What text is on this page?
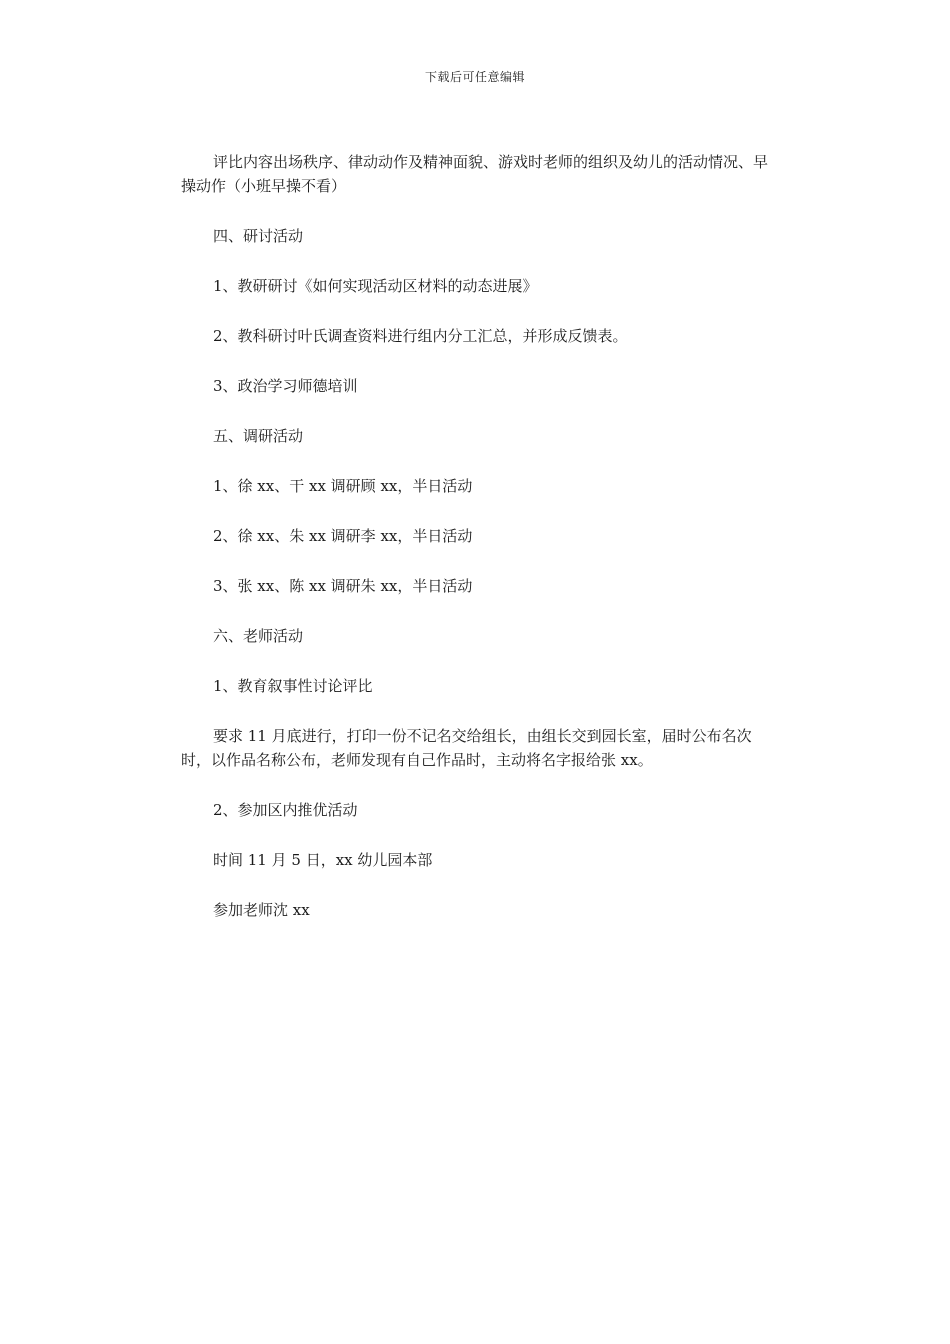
下载后可任意编辑

评比内容出场秩序、律动动作及精神面貌、游戏时老师的组织及幼儿的活动情况、早操动作（小班早操不看）

四、研讨活动

1、教研研讨《如何实现活动区材料的动态进展》

2、教科研讨叶氏调查资料进行组内分工汇总，并形成反馈表。

3、政治学习师德培训

五、调研活动

1、徐 xx、干 xx 调研顾 xx，半日活动

2、徐 xx、朱 xx 调研李 xx，半日活动

3、张 xx、陈 xx 调研朱 xx，半日活动

六、老师活动

1、教育叙事性讨论评比

要求 11 月底进行，打印一份不记名交给组长，由组长交到园长室，届时公布名次时，以作品名称公布，老师发现有自己作品时，主动将名字报给张 xx。

2、参加区内推优活动

时间 11 月 5 日，xx 幼儿园本部

参加老师沈 xx
